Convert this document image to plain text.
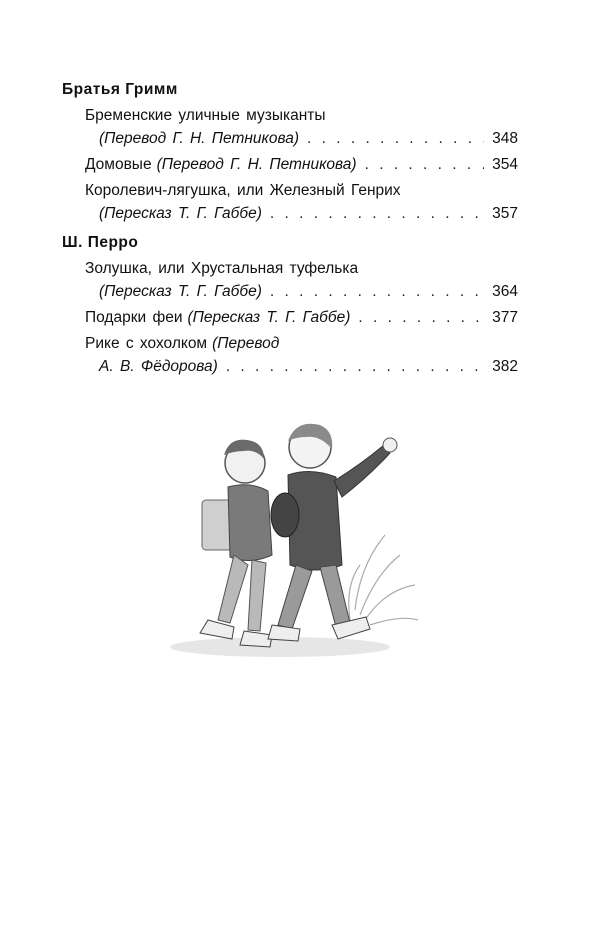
Братья Гримм
Бременские уличные музыканты
(Перевод Г. Н. Петникова) . . .	348
Домовые (Перевод Г. Н. Петникова) . . .	354
Королевич-лягушка, или Железный Генрих
(Пересказ Т. Г. Габбе) . . .	357
Ш. Перро
Золушка, или Хрустальная туфелька
(Пересказ Т. Г. Габбе) . . .	364
Подарки феи (Пересказ Т. Г. Габбе) . . .	377
Рике с хохолком (Перевод
А. В. Фёдорова) . . .	382
